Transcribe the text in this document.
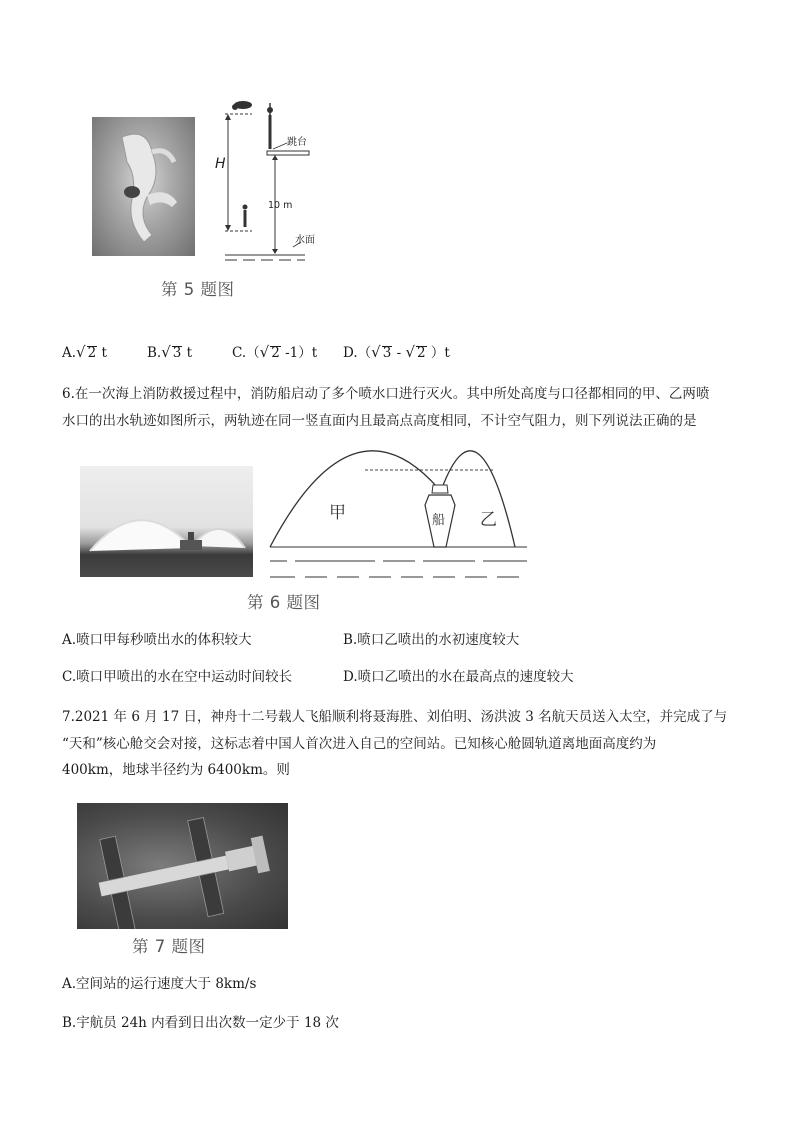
H
跳台
10 m
水面
第 5 题图
A.√ 2 t	B.√ 3 t	C.（√ 2 -1）t D.（√ 3 - √ 2 ）t
6.在一次海上消防救援过程中，消防船启动了多个喷水口进行灭火。其中所处高度与口径都相同的甲、乙两喷
水口的出水轨迹如图所示，两轨迹在同一竖直面内且最高点高度相同，不计空气阻力，则下列说法正确的是
船
甲	乙
第 6 题图
A.喷口甲每秒喷出水的体积较大	B.喷口乙喷出的水初速度较大
C.喷口甲喷出的水在空中运动时间较长	D.喷口乙喷出的水在最高点的速度较大
7.2021 年 6 月 17 日，神舟十二号载人飞船顺利将聂海胜、刘伯明、汤洪波 3 名航天员送入太空，并完成了与
“天和”核心舱交会对接，这标志着中国人首次进入自己的空间站。已知核心舱圆轨道离地面高度约为
400km，地球半径约为 6400km。则
第 7 题图
A.空间站的运行速度大于 8km/s
B.宇航员 24h 内看到日出次数一定少于 18 次
